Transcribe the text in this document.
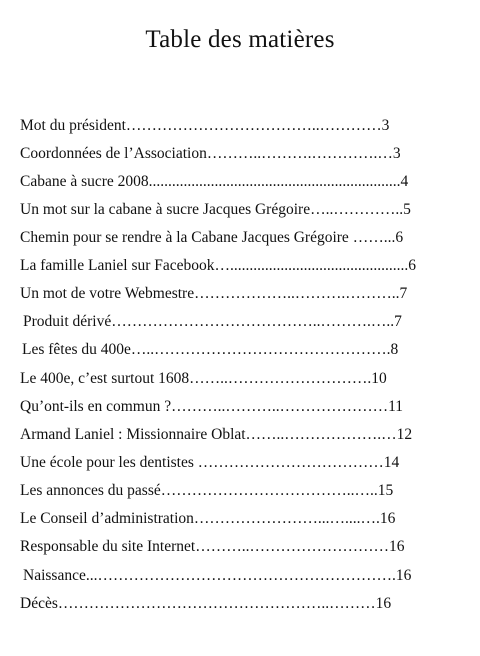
Table des matières
Mot du président………………………………..…………3
Coordonnées de l’Association………..……….………….…3
Cabane à sucre 2008.................................................................4
Un mot sur la cabane à sucre Jacques Grégoire…..…………..5
Chemin pour se rendre à la Cabane Jacques Grégoire ……...6
La famille Laniel sur Facebook…..............................................6
Un mot de votre Webmestre………………..……….………..7
Produit dérivé…………………………………..……….…..7
Les fêtes du 400e…..……………………………………….8
Le 400e, c’est surtout 1608……..……………………….10
Qu’ont-ils en commun ?………..………..…………………11
Armand Laniel : Missionnaire Oblat……..……………….…12
Une école pour les dentistes ………………………………14
Les annonces du passé………………………………..…..15
Le Conseil d’administration……………………...…....….16
Responsable du site Internet………..………………………16
Naissance...………………………………………………….16
Décès……………………………………………..………16
